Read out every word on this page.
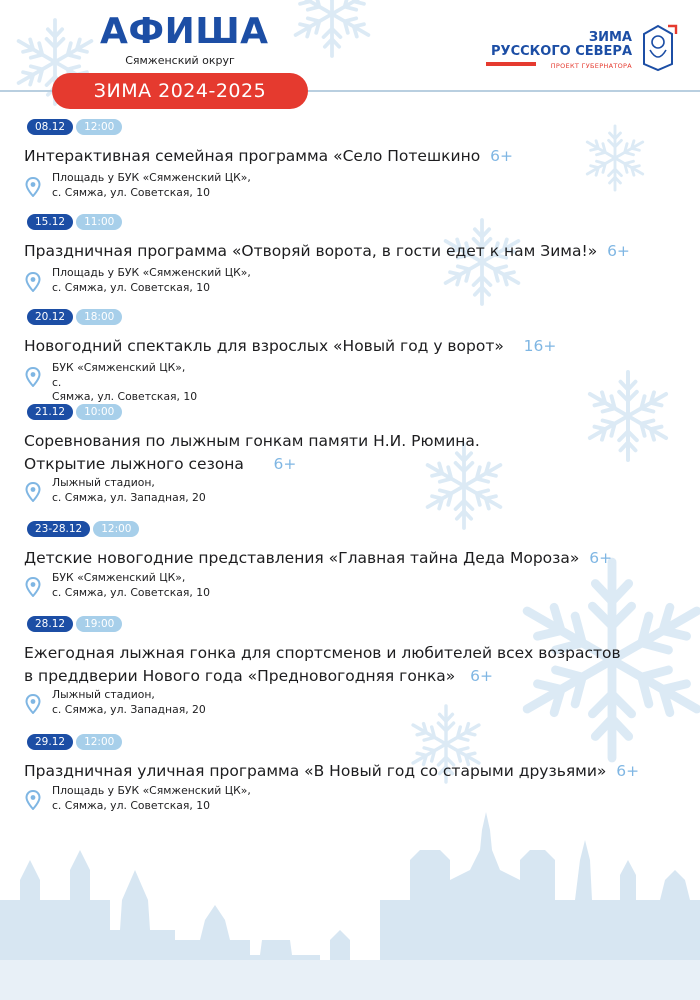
АФИША
Сямженский округ
ЗИМА 2024-2025
ЗИМА
РУССКОГО СЕВЕРА
ПРОЕКТ ГУБЕРНАТОРА
08.12 12:00
Интерактивная семейная программа «Село Потешкино 6+
Площадь у БУК «Сямженский ЦК»,
с. Сямжа, ул. Советская, 10
15.12 11:00
Праздничная программа «Отворяй ворота, в гости едет к нам Зима!» 6+
Площадь у БУК «Сямженский ЦК»,
с. Сямжа, ул. Советская, 10
20.12 18:00
Новогодний спектакль для взрослых «Новый год у ворот» 16+
БУК «Сямженский ЦК»,
с.
Сямжа, ул. Советская, 10
21.12 10:00
Соревнования по лыжным гонкам памяти Н.И. Рюмина.
Открытие лыжного сезона 6+
Лыжный стадион,
с. Сямжа, ул. Западная, 20
23-28.12 12:00
Детские новогодние представления «Главная тайна Деда Мороза» 6+
БУК «Сямженский ЦК»,
с. Сямжа, ул. Советская, 10
28.12 19:00
Ежегодная лыжная гонка для спортсменов и любителей всех возрастов
в преддверии Нового года «Предновогодняя гонка» 6+
Лыжный стадион,
с. Сямжа, ул. Западная, 20
29.12 12:00
Праздничная уличная программа «В Новый год со старыми друзьями» 6+
Площадь у БУК «Сямженский ЦК»,
с. Сямжа, ул. Советская, 10
